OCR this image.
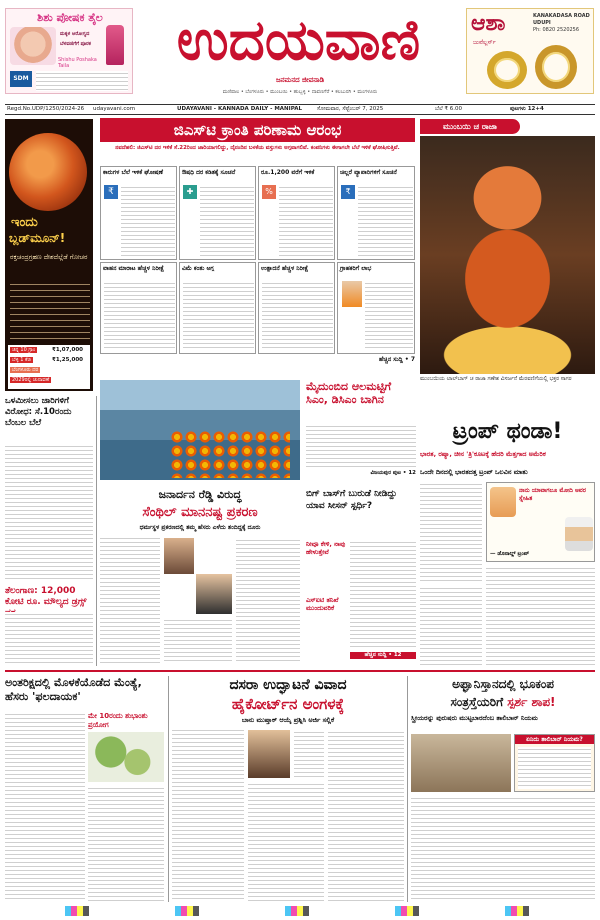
ಶಿಶು ಪೋಷಕ ತೈಲ
ಮಕ್ಕಳ ಆರೋಗ್ಯದ
ಬೆಳವಣಿಗೆಗೆ ಪೂರಕ
Shishu Poshaka Taila
SDM
ಉದಯವಾಣಿ
ಜನಮನದ ಜೀವನಾಡಿ
ಮಣಿಪಾಲ • ಬೆಂಗಳೂರು • ಮುಂಬಯಿ • ಹುಬ್ಬಳ್ಳಿ • ದಾವಣಗೆರೆ • ಕಲಬುರಗಿ • ಮಂಗಳೂರು
ಆಶಾ
ಜುವೆಲ್ಲರ್ಸ್
KANAKADASA ROAD
UDUPI
Ph: 0820 2520256
Regd.No.UDP/1250/2024-26 udayavani.com	UDAYAVANI - KANNADA DAILY - MANIPAL	ಸೋಮವಾರ, ಸೆಪ್ಟೆಂಬರ್ 7, 2025	ಬೆಲೆ ₹ 6.00	ಪುಟಗಳು 12+4
ಇಂದು
ಬ್ಲಡ್‌ಮೂನ್!
ರಕ್ತಚಂದ್ರಗ್ರಹಣ ದೇಶದೆಲ್ಲೆಡೆ ಗೋಚರ
ಚಿನ್ನ 10 ಗ್ರಾಂ	₹1,07,000
ಬೆಳ್ಳಿ 1 ಕೆಜಿ	₹1,25,000
ಬೆಂಗಳೂರು ದರ
2029ರಲ್ಲಿ ಚುನಾವಣೆ
ಜಿಎಸ್‌ಟಿ ಕ್ರಾಂತಿ ಪರಿಣಾಮ ಆರಂಭ
ನವದೆಹಲಿ: ಜಿಎಸ್‌ಟಿ ದರ ಇಳಿಕೆ ಸೆ.22ರಿಂದ ಜಾರಿಯಾಗಲಿದ್ದು, ದೈನಂದಿನ ಬಳಕೆಯ ವಸ್ತುಗಳು ಅಗ್ಗವಾಗಲಿವೆ. ಕಂಪನಿಗಳು ಈಗಾಗಲೇ ಬೆಲೆ ಇಳಿಕೆ ಘೋಷಿಸುತ್ತಿವೆ.
ಕಾರುಗಳ ಬೆಲೆ ಇಳಿಕೆ ಘೋಷಣೆ
₹
ಔಷಧಿ ದರ ಕಡಿತಕ್ಕೆ ಸೂಚನೆ
✚
ರೂ.1,200 ವರೆಗೆ ಇಳಿಕೆ
%
ಚಿಲ್ಲರೆ ವ್ಯಾಪಾರಿಗಳಿಗೆ ಸೂಚನೆ
₹
ವಾಹನ ಮಾರಾಟ ಹೆಚ್ಚಳ ನಿರೀಕ್ಷೆ	ವಿಮೆ ಕಂತು ಅಗ್ಗ	ಉತ್ಪಾದನೆ ಹೆಚ್ಚಳ ನಿರೀಕ್ಷೆ	ಗ್ರಾಹಕರಿಗೆ ಲಾಭ
ಹೆಚ್ಚಿನ ಸುದ್ದಿ • 7
ಮುಂಬಯಿ ಚ ರಾಜಾ
ಮುಂಬಯಿಯ ಲಾಲ್‌ಬಾಗ್ ಚ ರಾಜಾ ಗಣೇಶ ವಿಸರ್ಜನೆ ಮೆರವಣಿಗೆಯಲ್ಲಿ ಭಕ್ತರ ಸಾಗರ
ಒಳಮೀಸಲು ಜಾರಿಗಳಿಗೆ ವಿರೋಧ: ಸೆ.10ರಂದು ಬೆಂಬಲ ಬೆಲೆ
ತೆಲಂಗಾಣ: 12,000 ಕೋಟಿ ರೂ. ಮೌಲ್ಯದ ಡ್ರಗ್ಸ್
ಮೈದುಂಬಿದ ಆಲಮಟ್ಟಿಗೆ ಸಿಎಂ, ಡಿಸಿಎಂ ಬಾಗಿನ
ವಿಜಯಪುರ ಪುಟ • 12
ಟ್ರಂಪ್ ಥಂಡಾ!
ಭಾರತ, ರಷ್ಯಾ, ಚೀನ 'ತ್ರಿ'ಕೂಟಕ್ಕೆ ಹೆದರಿ ಮೆತ್ತಗಾದ ಅಮೆರಿಕ
ಒಂದೇ ದಿನದಲ್ಲಿ ಭಾರತದತ್ತ ಟ್ರಂಪ್ ಒಲವಿನ ಮಾತು
ನಾನು ಯಾವಾಗಲೂ ಮೋದಿ ಅವರ ಸ್ನೇಹಿತ
— ಡೊನಾಲ್ಡ್ ಟ್ರಂಪ್
ಜನಾರ್ದನ ರೆಡ್ಡಿ ವಿರುದ್ಧ
ಸೆಂಥಿಲ್ ಮಾನನಷ್ಟ ಪ್ರಕರಣ
ಧರ್ಮಸ್ಥಳ ಪ್ರಕರಣದಲ್ಲಿ ತಮ್ಮ ಹೆಸರು ಎಳೆದು ತಂದಿದ್ದಕ್ಕೆ ದೂರು
ಬಿಗ್ ಬಾಸ್‌ಗೆ ಬುರುಡೆ ನೀಡಿದ್ದು ಯಾವ ಸೀಸನ್ ಸ್ಪರ್ಧಿ?
ನೀವೂ ಕೇಳಿ, ನಾವು ಹೇಳುತ್ತೇವೆ
ಎಸ್ಐಟಿ ತನಿಖೆ ಮುಂದುವರಿಕೆ
ಹೆಚ್ಚಿನ ಸುದ್ದಿ • 12
ಅಂತರಿಕ್ಷದಲ್ಲಿ ಮೊಳಕೆಯೊಡೆದ ಮೆಂತ್ಯೆ, ಹೆಸರು 'ಫಲದಾಯಕ'
ಮೇ 10ರಂದು ಶುಭಾಂಶು ಪ್ರಯೋಗ
ದಸರಾ ಉದ್ಘಾಟನೆ ವಿವಾದ
ಹೈಕೋರ್ಟ್‌ನ ಅಂಗಳಕ್ಕೆ
ಬಾನು ಮುಷ್ತಾಕ್ ಆಯ್ಕೆ ಪ್ರಶ್ನಿಸಿ ಅರ್ಜಿ ಸಲ್ಲಿಕೆ
ಅಫ್ಘಾನಿಸ್ತಾನದಲ್ಲಿ ಭೂಕಂಪ
ಸಂತ್ರಸ್ತೆಯರಿಗೆ ಸ್ಪರ್ಶ ಶಾಪ!
ಸ್ತ್ರೀಯರನ್ನು ಪುರುಷರು ಮುಟ್ಟಬಾರದೆಂಬ ತಾಲಿಬಾನ್ ನಿಯಮ
ಏನಿದು ತಾಲಿಬಾನ್ ನಿಯಮ?
